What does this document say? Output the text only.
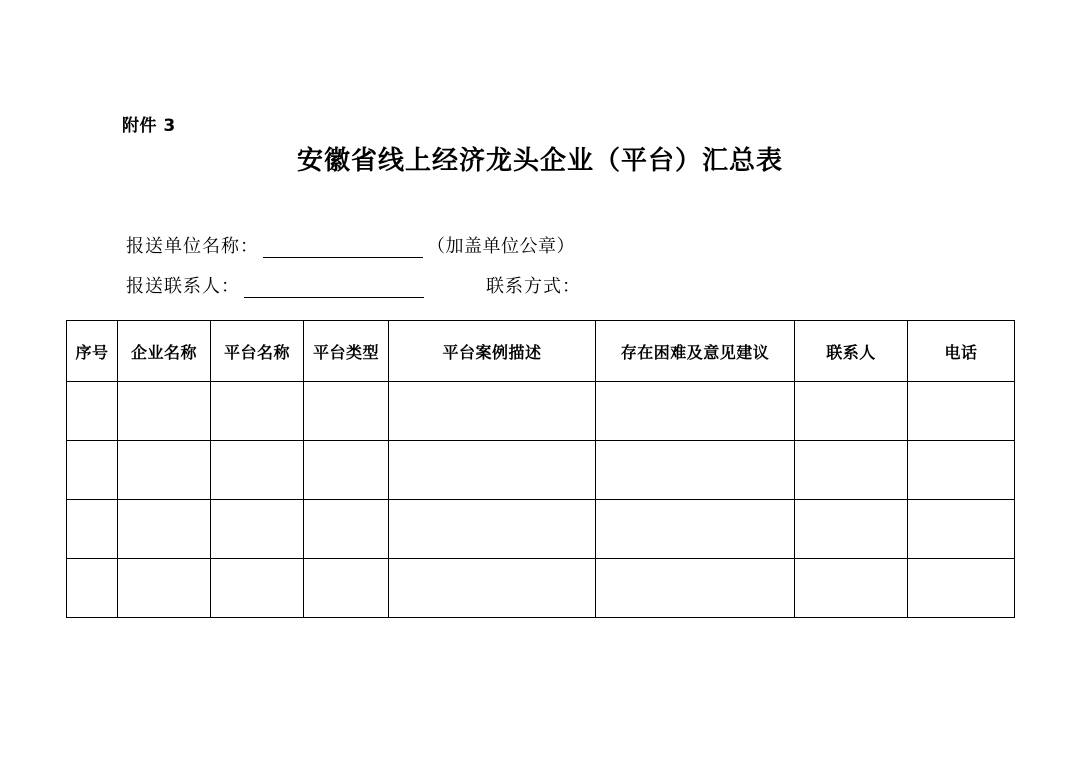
附件 3
安徽省线上经济龙头企业（平台）汇总表
报送单位名称：	（加盖单位公章）
报送联系人：	联系方式：
序号	企业名称	平台名称	平台类型	平台案例描述	存在困难及意见建议	联系人	电话
